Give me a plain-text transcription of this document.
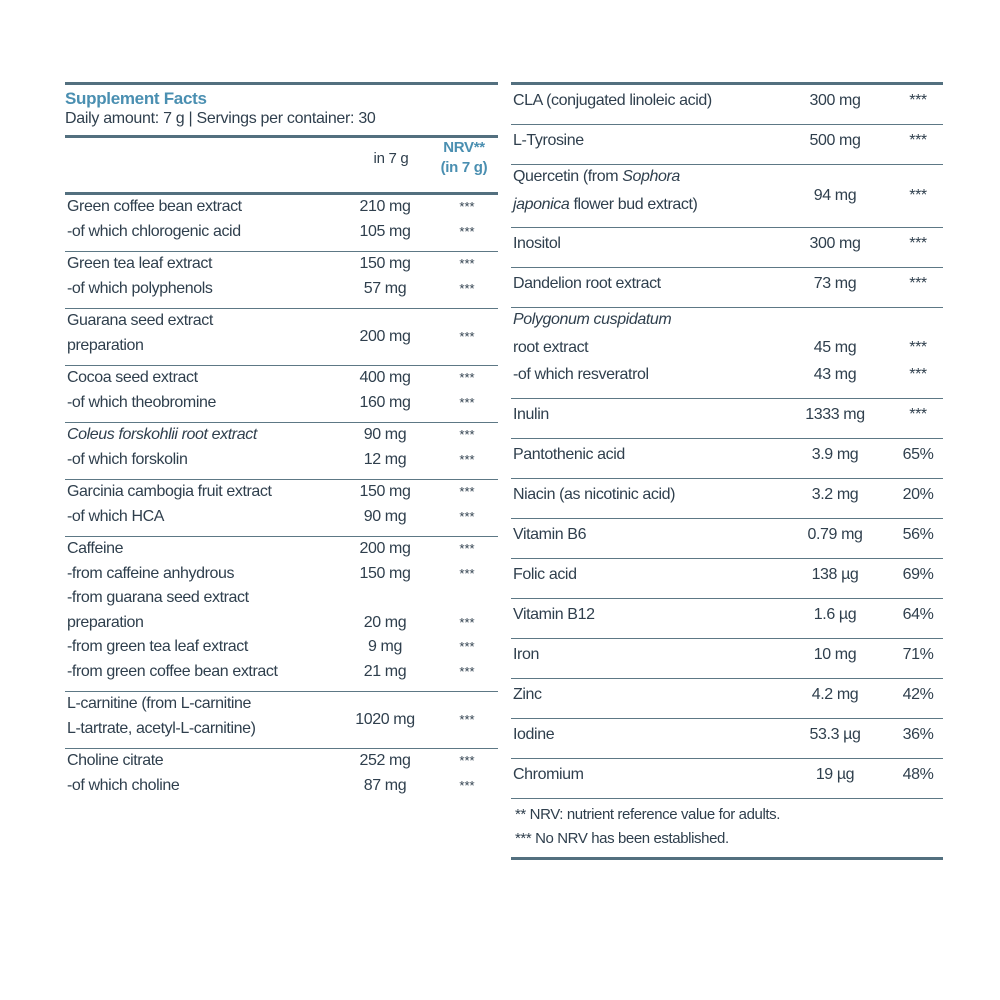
Supplement Facts
Daily amount: 7 g | Servings per container: 30
in 7 g
NRV**
(in 7 g)
Green coffee bean extract	210 mg	***
-of which chlorogenic acid	105 mg	***
Green tea leaf extract	150 mg	***
-of which polyphenols	57 mg	***
Guarana seed extract
preparation
200 mg	***
Cocoa seed extract	400 mg	***
-of which theobromine	160 mg	***
Coleus forskohlii root extract	90 mg	***
-of which forskolin	12 mg	***
Garcinia cambogia fruit extract	150 mg	***
-of which HCA	90 mg	***
Caffeine	200 mg	***
-from caffeine anhydrous	150 mg	***
-from guarana seed extract
preparation	20 mg	***
-from green tea leaf extract	9 mg	***
-from green coffee bean extract	21 mg	***
L-carnitine (from L-carnitine
L-tartrate, acetyl-L-carnitine)
1020 mg	***
Choline citrate	252 mg	***
-of which choline	87 mg	***
CLA (conjugated linoleic acid)	300 mg	***
L-Tyrosine	500 mg	***
Quercetin (from Sophora
japonica flower bud extract)
94 mg	***
Inositol	300 mg	***
Dandelion root extract	73 mg	***
Polygonum cuspidatum
root extract	45 mg	***
-of which resveratrol	43 mg	***
Inulin	1333 mg	***
Pantothenic acid	3.9 mg	65%
Niacin (as nicotinic acid)	3.2 mg	20%
Vitamin B6	0.79 mg	56%
Folic acid	138 µg	69%
Vitamin B12	1.6 µg	64%
Iron	10 mg	71%
Zinc	4.2 mg	42%
Iodine	53.3 µg	36%
Chromium	19 µg	48%
** NRV: nutrient reference value for adults.
*** No NRV has been established.
